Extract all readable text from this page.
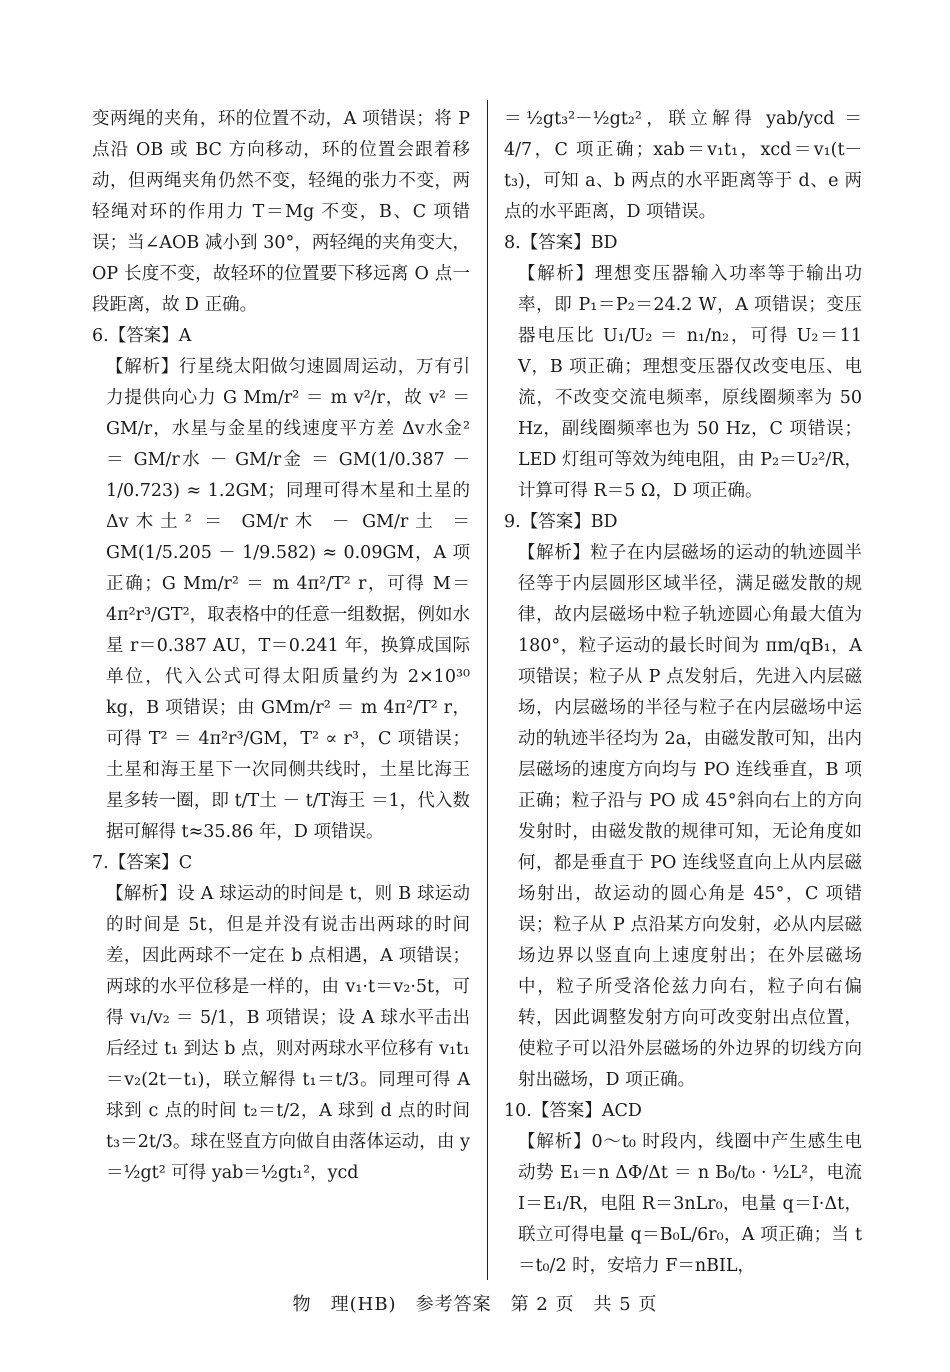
变两绳的夹角，环的位置不动，A 项错误；将 P 点沿 OB 或 BC 方向移动，环的位置会跟着移动，但两绳夹角仍然不变，轻绳的张力不变，两轻绳对环的作用力 T＝Mg 不变，B、C 项错误；当∠AOB 减小到 30°，两轻绳的夹角变大，OP 长度不变，故轻环的位置要下移远离 O 点一段距离，故 D 正确。

6.【答案】A

【解析】行星绕太阳做匀速圆周运动，万有引力提供向心力 G Mm/r² ＝ m v²/r，故 v² ＝ GM/r，水星与金星的线速度平方差 Δv水金² ＝ GM/r水 － GM/r金 ＝ GM(1/0.387 － 1/0.723) ≈ 1.2GM；同理可得木星和土星的 Δv木土² ＝ GM/r木 － GM/r土 ＝ GM(1/5.205 － 1/9.582) ≈ 0.09GM，A 项正确；G Mm/r² ＝ m 4π²/T² r，可得 M＝4π²r³/GT²，取表格中的任意一组数据，例如水星 r＝0.387 AU，T＝0.241 年，换算成国际单位，代入公式可得太阳质量约为 2×10³⁰ kg，B 项错误；由 GMm/r² ＝ m 4π²/T² r，可得 T² ＝ 4π²r³/GM，T² ∝ r³，C 项错误；土星和海王星下一次同侧共线时，土星比海王星多转一圈，即 t/T土 － t/T海王 ＝1，代入数据可解得 t≈35.86 年，D 项错误。

7.【答案】C

【解析】设 A 球运动的时间是 t，则 B 球运动的时间是 5t，但是并没有说击出两球的时间差，因此两球不一定在 b 点相遇，A 项错误；两球的水平位移是一样的，由 v₁·t＝v₂·5t，可得 v₁/v₂ ＝ 5/1，B 项错误；设 A 球水平击出后经过 t₁ 到达 b 点，则对两球水平位移有 v₁t₁＝v₂(2t－t₁)，联立解得 t₁＝t/3。同理可得 A 球到 c 点的时间 t₂＝t/2，A 球到 d 点的时间 t₃＝2t/3。球在竖直方向做自由落体运动，由 y＝½gt² 可得 yab＝½gt₁²，ycd

＝½gt₃²－½gt₂²，联立解得 yab/ycd ＝ 4/7，C 项正确；xab＝v₁t₁，xcd＝v₁(t－t₃)，可知 a、b 两点的水平距离等于 d、e 两点的水平距离，D 项错误。

8.【答案】BD

【解析】理想变压器输入功率等于输出功率，即 P₁＝P₂＝24.2 W，A 项错误；变压器电压比 U₁/U₂ ＝ n₁/n₂，可得 U₂＝11 V，B 项正确；理想变压器仅改变电压、电流，不改变交流电频率，原线圈频率为 50 Hz，副线圈频率也为 50 Hz，C 项错误；LED 灯组可等效为纯电阻，由 P₂＝U₂²/R，计算可得 R＝5 Ω，D 项正确。

9.【答案】BD

【解析】粒子在内层磁场的运动的轨迹圆半径等于内层圆形区域半径，满足磁发散的规律，故内层磁场中粒子轨迹圆心角最大值为 180°，粒子运动的最长时间为 πm/qB₁，A 项错误；粒子从 P 点发射后，先进入内层磁场，内层磁场的半径与粒子在内层磁场中运动的轨迹半径均为 2a，由磁发散可知，出内层磁场的速度方向均与 PO 连线垂直，B 项正确；粒子沿与 PO 成 45°斜向右上的方向发射时，由磁发散的规律可知，无论角度如何，都是垂直于 PO 连线竖直向上从内层磁场射出，故运动的圆心角是 45°，C 项错误；粒子从 P 点沿某方向发射，必从内层磁场边界以竖直向上速度射出；在外层磁场中，粒子所受洛伦兹力向右，粒子向右偏转，因此调整发射方向可改变射出点位置，使粒子可以沿外层磁场的外边界的切线方向射出磁场，D 项正确。

10.【答案】ACD

【解析】0～t₀ 时段内，线圈中产生感生电动势 E₁＝n ΔΦ/Δt ＝ n B₀/t₀ · ½L²，电流 I＝E₁/R，电阻 R＝3nLr₀，电量 q＝I·Δt，联立可得电量 q＝B₀L/6r₀，A 项正确；当 t＝t₀/2 时，安培力 F＝nBIL，

物　理(HB)　参考答案　第 2 页　共 5 页
